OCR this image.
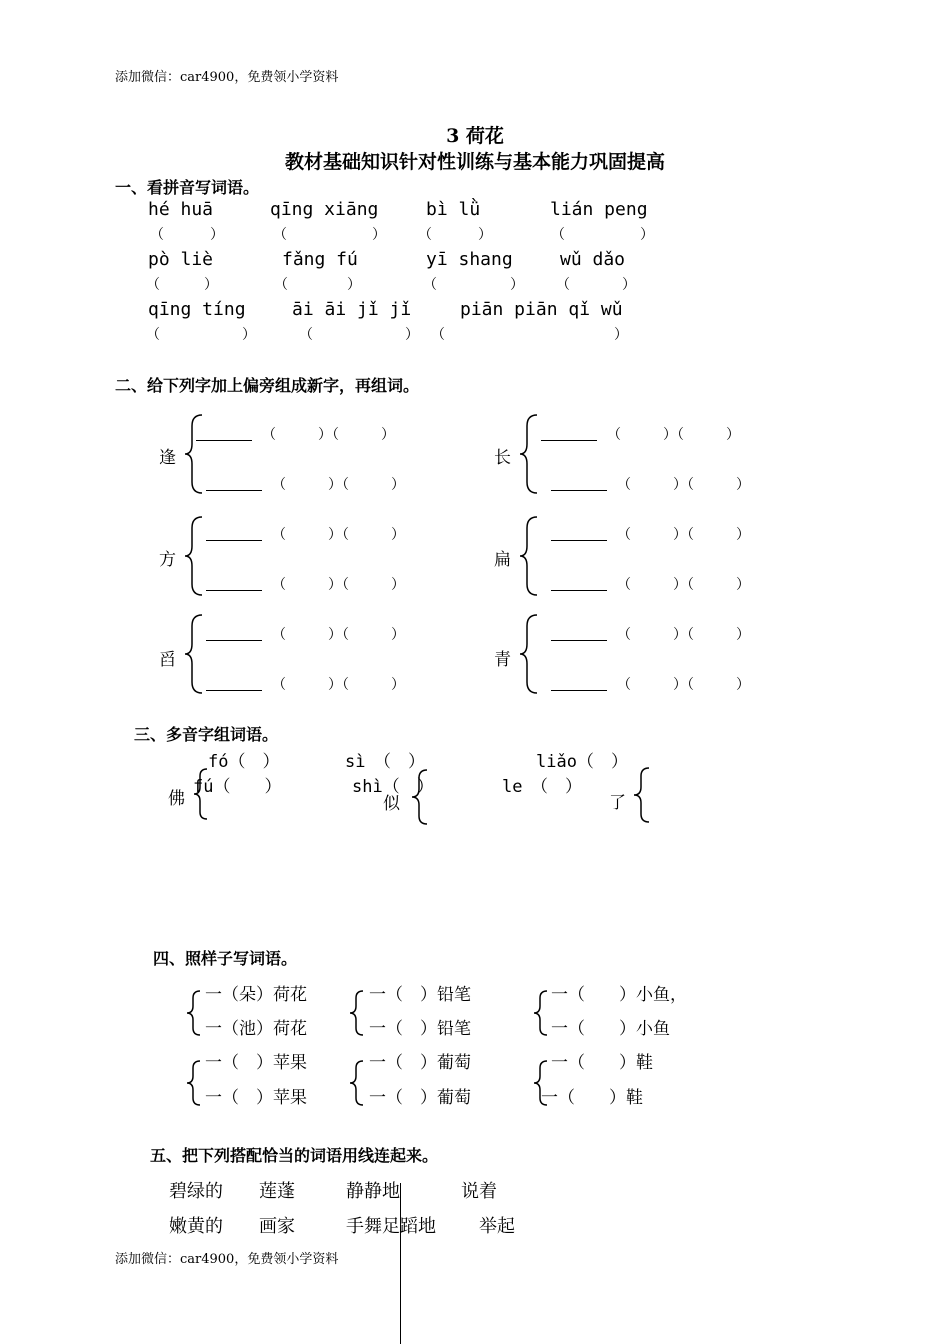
添加微信：car4900，免费领小学资料
3 荷花
教材基础知识针对性训练与基本能力巩固提高
一、看拼音写词语。
hé huā	qīng xiāng	bì lǜ	lián peng
（	）	（	） （	）	（	）
pò liè	fǎng fú	yī shang	wǔ dǎo
（	）	（	）	（	） （	）
qīng tíng	āi āi jǐ jǐ	piān piān qǐ wǔ
（	）	（	） （	）
二、给下列字加上偏旁组成新字，再组词。
逢
（　　　）（　　　）
（　　　）（　　　）
长
（　　　）（　　　）
（　　　）（　　　）
方
（　　　）（　　　）
（　　　）（　　　）
扁
（　　　）（　　　）
（　　　）（　　　）
舀
（　　　）（　　　）
（　　　）（　　　）
青
（　　　）（　　　）
（　　　）（　　　）
三、多音字组词语。
佛
fó（　）
fú（　　）
似
sì　（　）
shì（　）
了
liǎo（　）
le　（　）
四、照样子写词语。
一（朵）荷花	一（　）铅笔	一（　　）小鱼，
一（池）荷花	一（　）铅笔	一（　　）小鱼
一（　）苹果	一（　）葡萄	一（　　）鞋
一（　）苹果	一（　）葡萄	一（　　）鞋
五、把下列搭配恰当的词语用线连起来。
碧绿的 莲蓬	静静地	说着
嫩黄的 画家	手舞足蹈地 举起
添加微信：car4900，免费领小学资料
